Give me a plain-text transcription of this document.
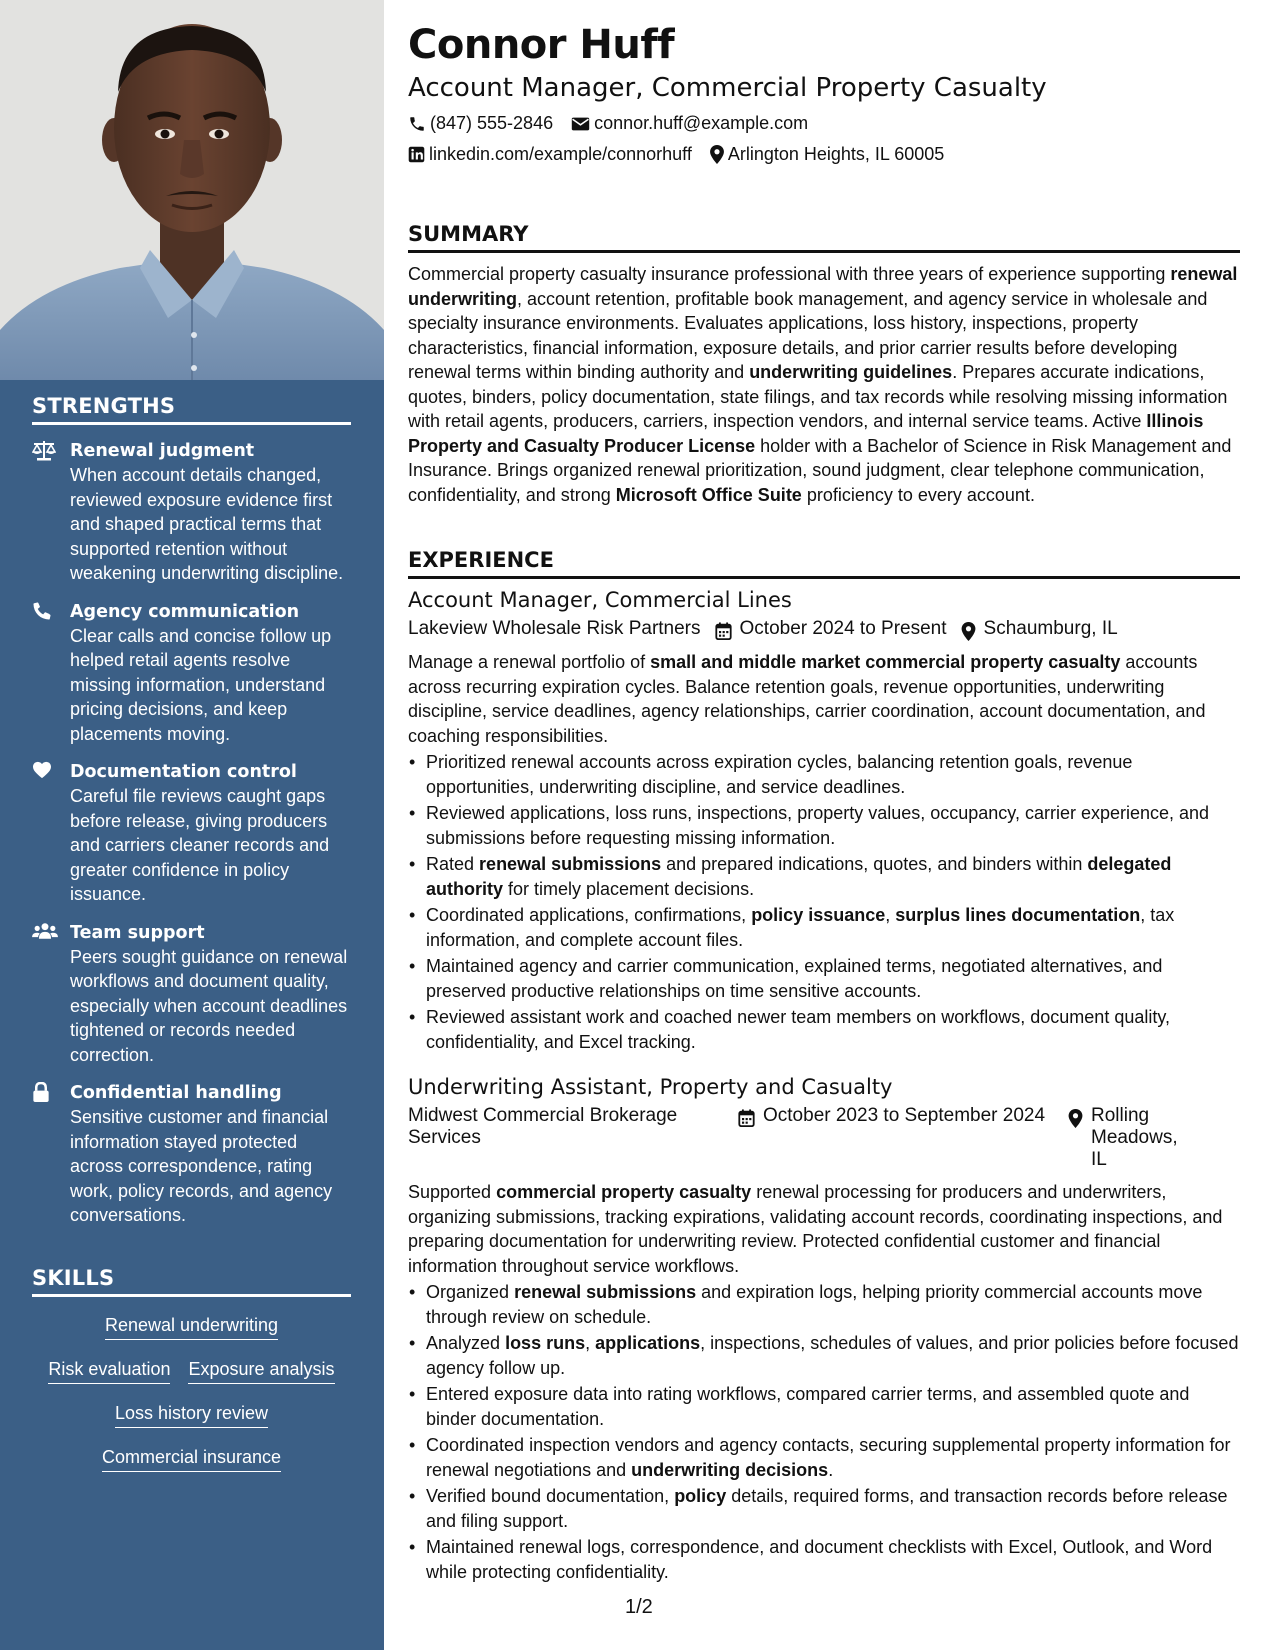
STRENGTHS
Renewal judgment
When account details changed, reviewed exposure evidence first and shaped practical terms that supported retention without weakening underwriting discipline.
Agency communication
Clear calls and concise follow up helped retail agents resolve missing information, understand pricing decisions, and keep placements moving.
Documentation control
Careful file reviews caught gaps before release, giving producers and carriers cleaner records and greater confidence in policy issuance.
Team support
Peers sought guidance on renewal workflows and document quality, especially when account deadlines tightened or records needed correction.
Confidential handling
Sensitive customer and financial information stayed protected across correspondence, rating work, policy records, and agency conversations.
SKILLS
Renewal underwriting
Risk evaluation Exposure analysis
Loss history review
Commercial insurance
Connor Huff
Account Manager, Commercial Property Casualty
(847) 555-2846 connor.huff@example.com
linkedin.com/example/connorhuff Arlington Heights, IL 60005
SUMMARY
Commercial property casualty insurance professional with three years of experience supporting renewal underwriting, account retention, profitable book management, and agency service in wholesale and specialty insurance environments. Evaluates applications, loss history, inspections, property characteristics, financial information, exposure details, and prior carrier results before developing renewal terms within binding authority and underwriting guidelines. Prepares accurate indications, quotes, binders, policy documentation, state filings, and tax records while resolving missing information with retail agents, producers, carriers, inspection vendors, and internal service teams. Active Illinois Property and Casualty Producer License holder with a Bachelor of Science in Risk Management and Insurance. Brings organized renewal prioritization, sound judgment, clear telephone communication, confidentiality, and strong Microsoft Office Suite proficiency to every account.
EXPERIENCE
Account Manager, Commercial Lines
Lakeview Wholesale Risk Partners October 2024 to Present Schaumburg, IL
Manage a renewal portfolio of small and middle market commercial property casualty accounts across recurring expiration cycles. Balance retention goals, revenue opportunities, underwriting discipline, service deadlines, agency relationships, carrier coordination, account documentation, and coaching responsibilities.
• Prioritized renewal accounts across expiration cycles, balancing retention goals, revenue opportunities, underwriting discipline, and service deadlines.
• Reviewed applications, loss runs, inspections, property values, occupancy, carrier experience, and submissions before requesting missing information.
• Rated renewal submissions and prepared indications, quotes, and binders within delegated authority for timely placement decisions.
• Coordinated applications, confirmations, policy issuance, surplus lines documentation, tax information, and complete account files.
• Maintained agency and carrier communication, explained terms, negotiated alternatives, and preserved productive relationships on time sensitive accounts.
• Reviewed assistant work and coached newer team members on workflows, document quality, confidentiality, and Excel tracking.
Underwriting Assistant, Property and Casualty
Midwest Commercial Brokerage Services
October 2023 to September 2024 Rolling Meadows, IL
Supported commercial property casualty renewal processing for producers and underwriters, organizing submissions, tracking expirations, validating account records, coordinating inspections, and preparing documentation for underwriting review. Protected confidential customer and financial information throughout service workflows.
• Organized renewal submissions and expiration logs, helping priority commercial accounts move through review on schedule.
• Analyzed loss runs, applications, inspections, schedules of values, and prior policies before focused agency follow up.
• Entered exposure data into rating workflows, compared carrier terms, and assembled quote and binder documentation.
• Coordinated inspection vendors and agency contacts, securing supplemental property information for renewal negotiations and underwriting decisions.
• Verified bound documentation, policy details, required forms, and transaction records before release and filing support.
• Maintained renewal logs, correspondence, and document checklists with Excel, Outlook, and Word while protecting confidentiality.
1/2
